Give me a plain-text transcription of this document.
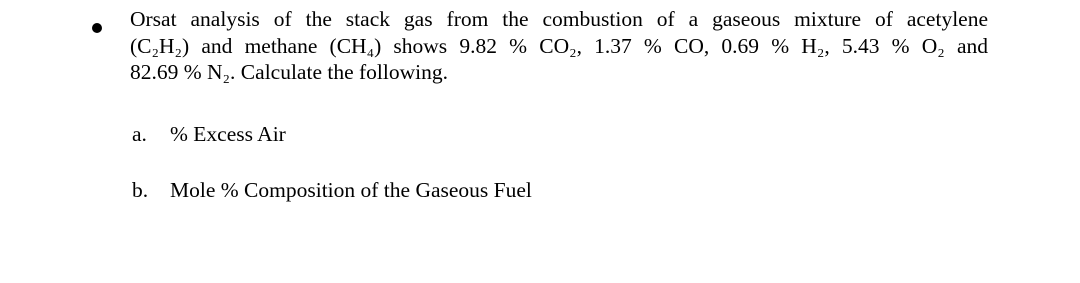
Orsat analysis of the stack gas from the combustion of a gaseous mixture of acetylene
(C₂H₂) and methane (CH₄) shows 9.82 % CO₂, 1.37 % CO, 0.69 % H₂, 5.43 % O₂ and
82.69 % N₂. Calculate the following.
a. % Excess Air
b. Mole % Composition of the Gaseous Fuel
